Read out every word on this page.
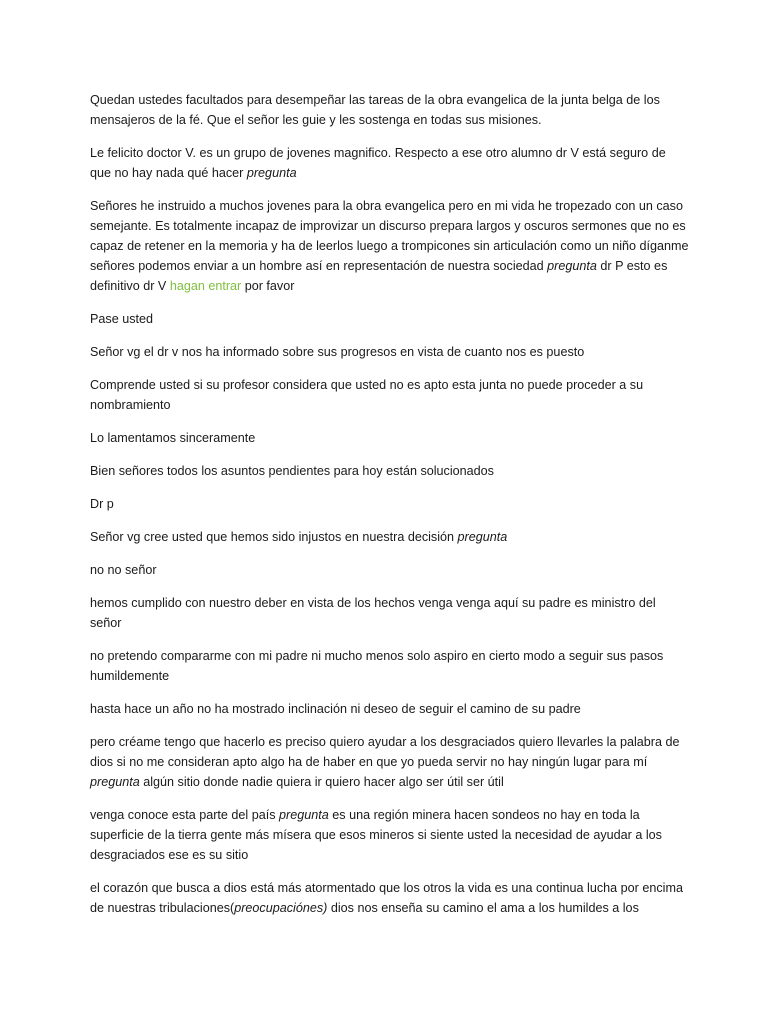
Quedan ustedes facultados para desempeñar las tareas de la obra evangelica de la junta belga de los mensajeros de la fé. Que el señor les guie y les sostenga en todas sus misiones.

Le felicito doctor V. es un grupo de jovenes magnifico. Respecto a ese otro alumno dr V está seguro de que no hay nada qué hacer pregunta

Señores he instruido a muchos jovenes para la obra evangelica pero en mi vida he tropezado con un caso semejante. Es totalmente incapaz de improvizar un discurso prepara largos y oscuros sermones que no es capaz de retener en la memoria y ha de leerlos luego a trompicones sin articulación como un niño díganme señores podemos enviar a un hombre así en representación de nuestra sociedad pregunta dr P esto es definitivo dr V hagan entrar por favor

Pase usted

Señor vg el dr v nos ha informado sobre sus progresos en vista de cuanto nos es puesto

Comprende usted si su profesor considera que usted no es apto esta junta no puede proceder a su nombramiento

Lo lamentamos sinceramente

Bien señores todos los asuntos pendientes para hoy están solucionados

Dr p

Señor vg cree usted que hemos sido injustos en nuestra decisión pregunta

no no señor

hemos cumplido con nuestro deber en vista de los hechos venga venga aquí su padre es ministro del señor

no pretendo compararme con mi padre ni mucho menos solo aspiro en cierto modo a seguir sus pasos humildemente

hasta hace un año no ha mostrado inclinación ni deseo de seguir el camino de su padre

pero créame tengo que hacerlo es preciso quiero ayudar a los desgraciados quiero llevarles la palabra de dios si no me consideran apto algo ha de haber en que yo pueda servir no hay ningún lugar para mí pregunta algún sitio donde nadie quiera ir quiero hacer algo ser útil ser útil

venga conoce esta parte del país pregunta es una región minera hacen sondeos no hay en toda la superficie de la tierra gente más mísera que esos mineros si siente usted la necesidad de ayudar a los desgraciados ese es su sitio

el corazón que busca a dios está más atormentado que los otros la vida es una continua lucha por encima de nuestras tribulaciones(preocupaciónes) dios nos enseña su camino el ama a los humildes a los
